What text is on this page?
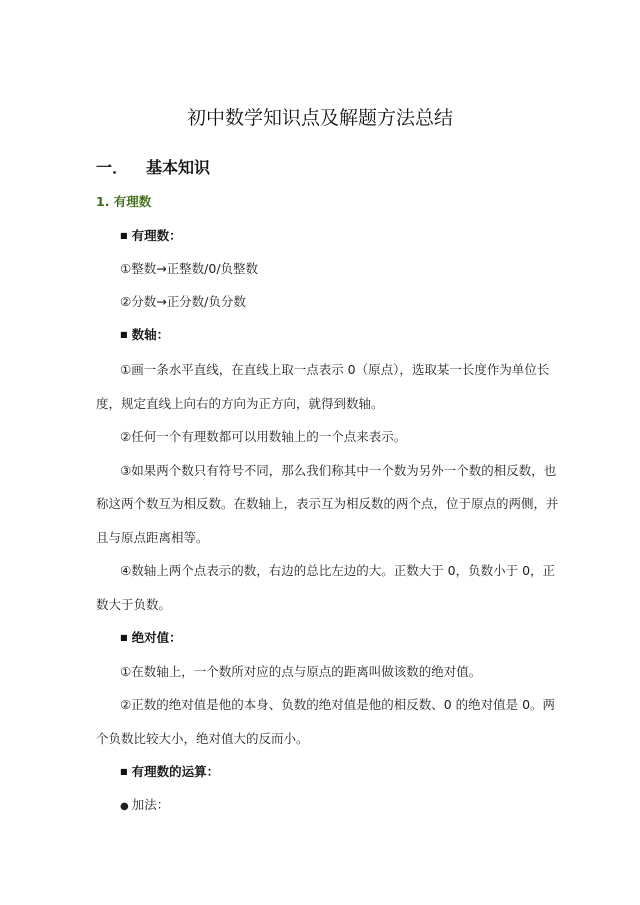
初中数学知识点及解题方法总结
一． 基本知识
1. 有理数
■ 有理数：
①整数→正整数/0/负整数
②分数→正分数/负分数
■ 数轴：
①画一条水平直线，在直线上取一点表示 0（原点），选取某一长度作为单位长
度，规定直线上向右的方向为正方向，就得到数轴。
②任何一个有理数都可以用数轴上的一个点来表示。
③如果两个数只有符号不同，那么我们称其中一个数为另外一个数的相反数，也
称这两个数互为相反数。在数轴上，表示互为相反数的两个点，位于原点的两侧，并
且与原点距离相等。
④数轴上两个点表示的数，右边的总比左边的大。正数大于 0，负数小于 0，正
数大于负数。
■ 绝对值：
①在数轴上，一个数所对应的点与原点的距离叫做该数的绝对值。
②正数的绝对值是他的本身、负数的绝对值是他的相反数、0 的绝对值是 0。两
个负数比较大小，绝对值大的反而小。
■ 有理数的运算：
● 加法：
